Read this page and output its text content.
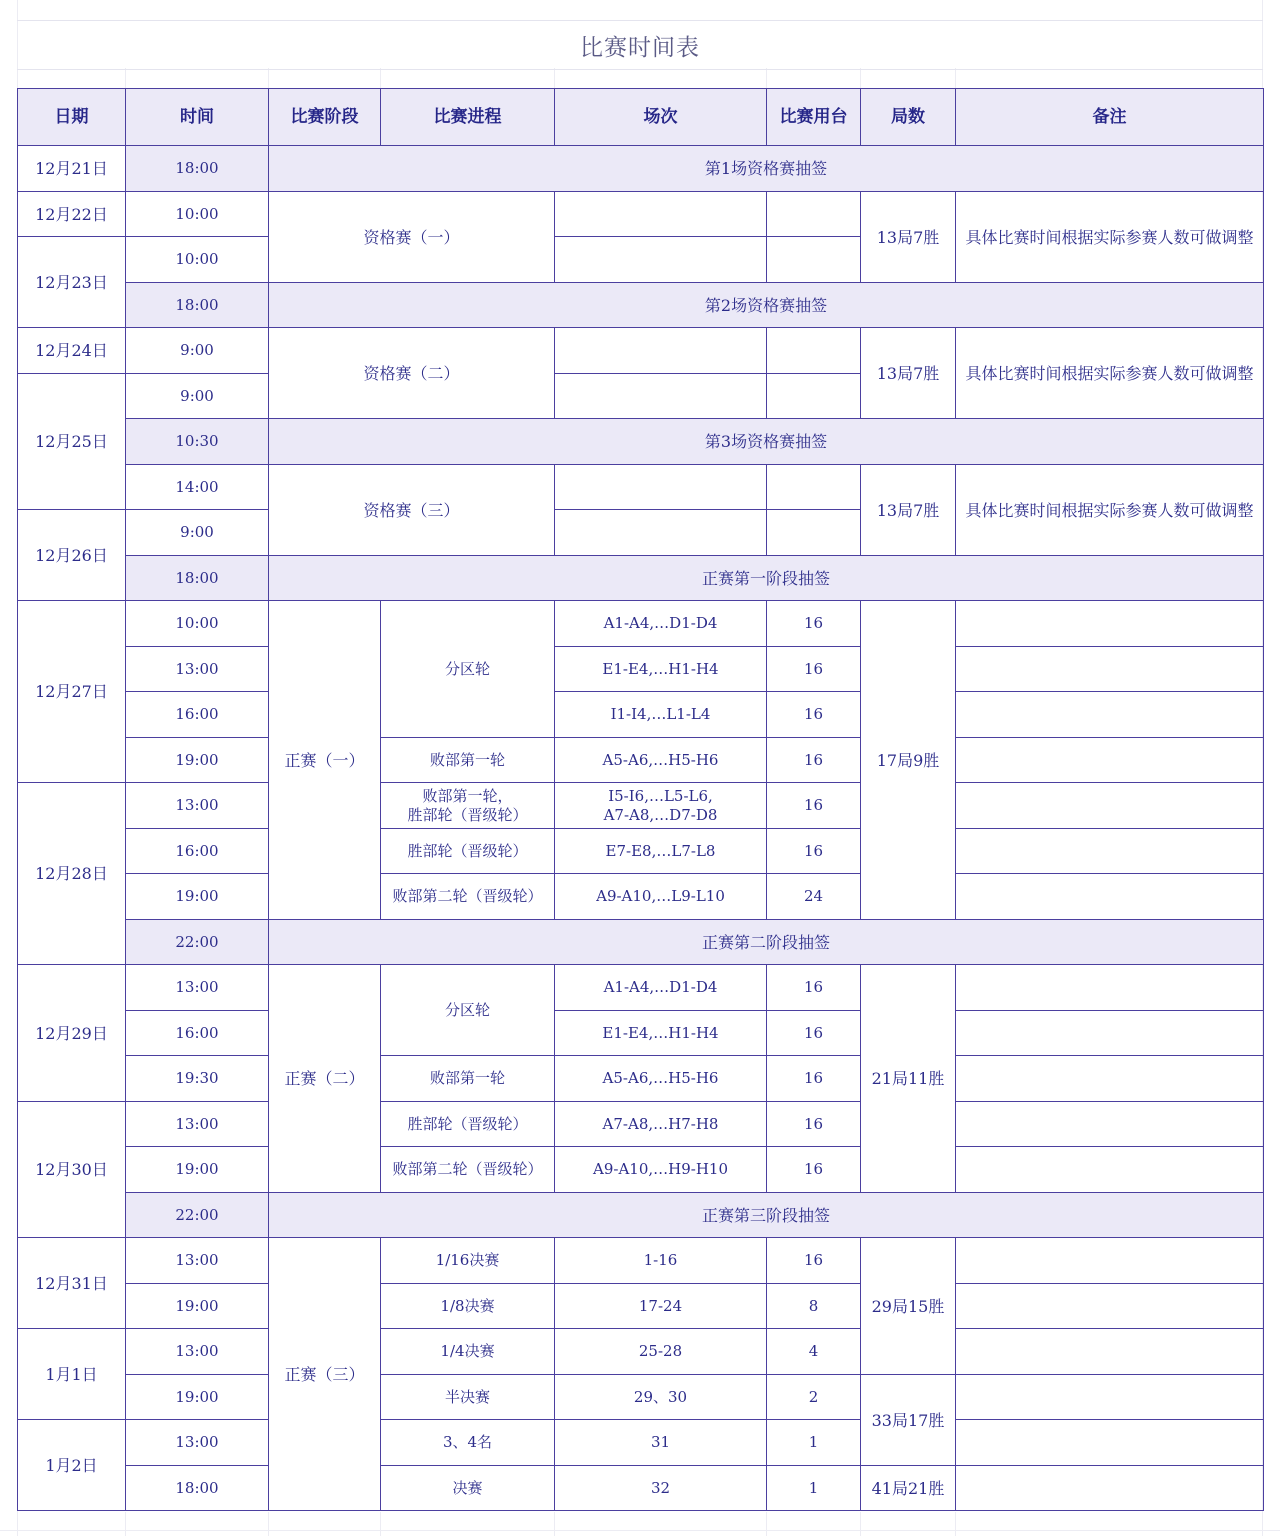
比赛时间表
日期	时间	比赛阶段	比赛进程	场次	比赛用台	局数	备注
12月21日	18:00	第1场资格赛抽签					
12月22日	10:00	资格赛（一）				13局7胜	具体比赛时间根据实际参赛人数可做调整
12月23日	10:00						
	18:00	第2场资格赛抽签					
12月24日	9:00	资格赛（二）				13局7胜	具体比赛时间根据实际参赛人数可做调整
12月25日	9:00						
	10:30	第3场资格赛抽签					
	14:00	资格赛（三）				13局7胜	具体比赛时间根据实际参赛人数可做调整
12月26日	9:00						
	18:00	正赛第一阶段抽签					
12月27日	10:00	正赛（一）	分区轮	A1-A4,…D1-D4	16	17局9胜	
	13:00			E1-E4,…H1-H4	16		
	16:00			I1-I4,…L1-L4	16		
	19:00		败部第一轮	A5-A6,…H5-H6	16		
12月28日	13:00		败部第一轮，
胜部轮（晋级轮）	I5-I6,…L5-L6,
A7-A8,…D7-D8	16		
	16:00		胜部轮（晋级轮）	E7-E8,…L7-L8	16		
	19:00		败部第二轮（晋级轮）	A9-A10,…L9-L10	24		
	22:00	正赛第二阶段抽签					
12月29日	13:00	正赛（二）	分区轮	A1-A4,…D1-D4	16	21局11胜	
	16:00			E1-E4,…H1-H4	16		
	19:30		败部第一轮	A5-A6,…H5-H6	16		
12月30日	13:00		胜部轮（晋级轮）	A7-A8,…H7-H8	16		
	19:00		败部第二轮（晋级轮）	A9-A10,…H9-H10	16		
	22:00	正赛第三阶段抽签					
12月31日	13:00	正赛（三）	1/16决赛	1-16	16	29局15胜	
	19:00		1/8决赛	17-24	8		
1月1日	13:00		1/4决赛	25-28	4		
	19:00		半决赛	29、30	2	33局17胜	
1月2日	13:00		3、4名	31	1		
	18:00		决赛	32	1	41局21胜	
